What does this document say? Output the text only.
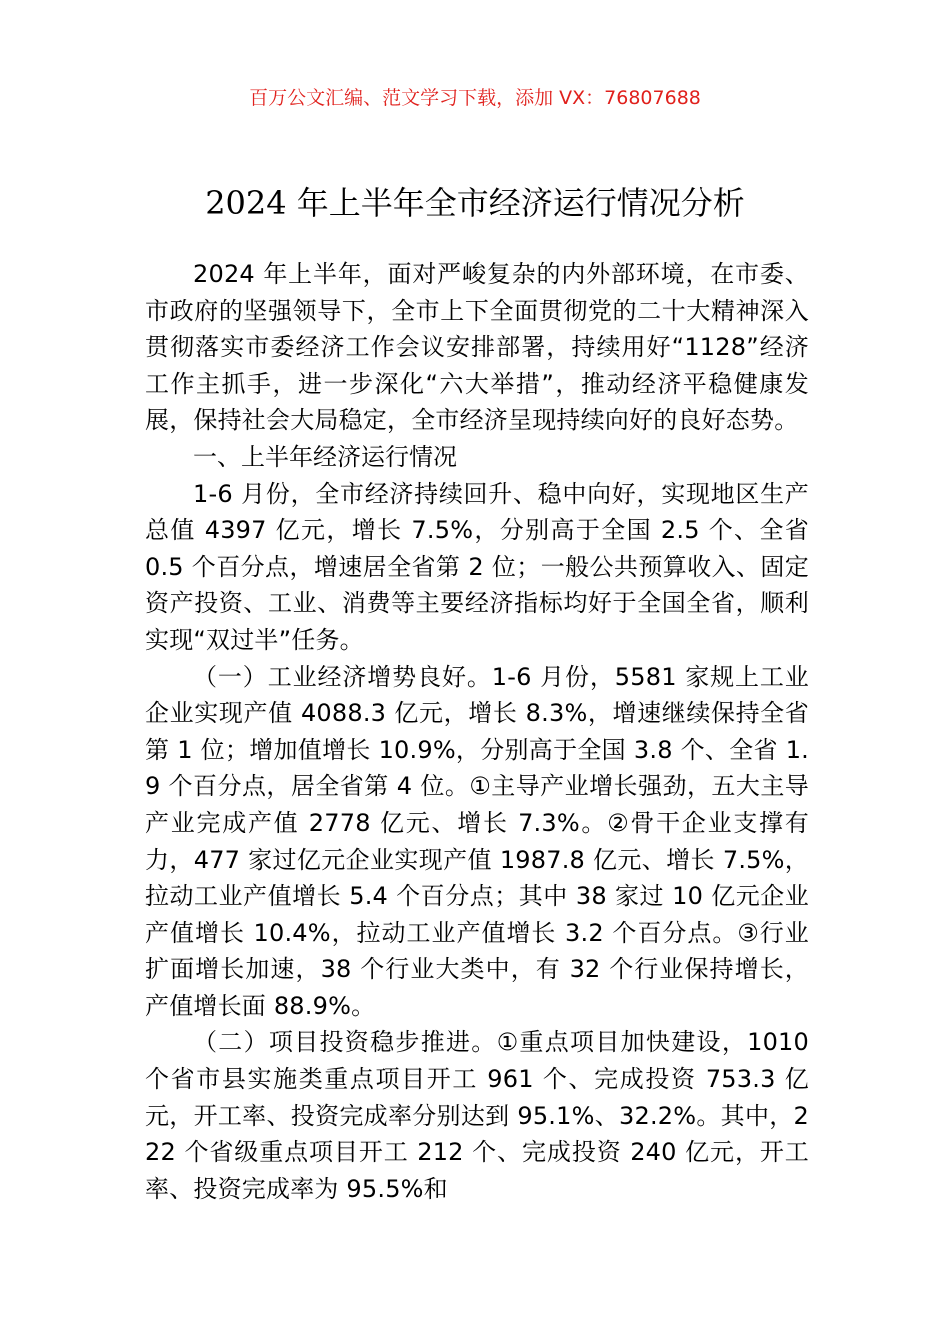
百万公文汇编、范文学习下载，添加 VX：76807688
2024 年上半年全市经济运行情况分析

2024 年上半年，面对严峻复杂的内外部环境，在市委、市政府的坚强领导下，全市上下全面贯彻党的二十大精神深入贯彻落实市委经济工作会议安排部署，持续用好“1128”经济工作主抓手，进一步深化“六大举措”，推动经济平稳健康发展，保持社会大局稳定，全市经济呈现持续向好的良好态势。

一、上半年经济运行情况

1-6 月份，全市经济持续回升、稳中向好，实现地区生产总值 4397 亿元，增长 7.5%，分别高于全国 2.5 个、全省 0.5 个百分点，增速居全省第 2 位；一般公共预算收入、固定资产投资、工业、消费等主要经济指标均好于全国全省，顺利实现“双过半”任务。

（一）工业经济增势良好。1-6 月份，5581 家规上工业企业实现产值 4088.3 亿元，增长 8.3%，增速继续保持全省第 1 位；增加值增长 10.9%，分别高于全国 3.8 个、全省 1.9 个百分点，居全省第 4 位。①主导产业增长强劲，五大主导产业完成产值 2778 亿元、增长 7.3%。②骨干企业支撑有力，477 家过亿元企业实现产值 1987.8 亿元、增长 7.5%，拉动工业产值增长 5.4 个百分点；其中 38 家过 10 亿元企业产值增长 10.4%，拉动工业产值增长 3.2 个百分点。③行业扩面增长加速，38 个行业大类中，有 32 个行业保持增长，产值增长面 88.9%。

（二）项目投资稳步推进。①重点项目加快建设，1010 个省市县实施类重点项目开工 961 个、完成投资 753.3 亿元，开工率、投资完成率分别达到 95.1%、32.2%。其中，222 个省级重点项目开工 212 个、完成投资 240 亿元，开工率、投资完成率为 95.5%和
